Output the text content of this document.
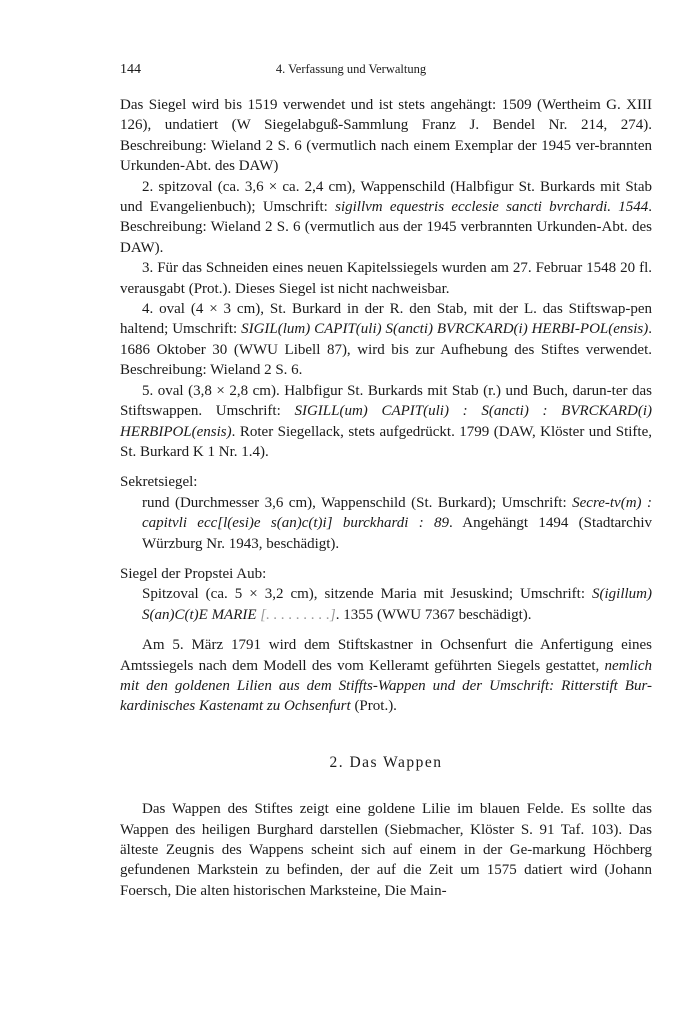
144	4. Verfassung und Verwaltung

Das Siegel wird bis 1519 verwendet und ist stets angehängt: 1509 (Wertheim G. XIII 126), undatiert (W Siegelabguß-Sammlung Franz J. Bendel Nr. 214, 274). Beschreibung: Wieland 2 S. 6 (vermutlich nach einem Exemplar der 1945 ver-brannten Urkunden-Abt. des DAW)

2. spitzoval (ca. 3,6 × ca. 2,4 cm), Wappenschild (Halbfigur St. Burkards mit Stab und Evangelienbuch); Umschrift: sigillvm equestris ecclesie sancti bvrchardi. 1544. Beschreibung: Wieland 2 S. 6 (vermutlich aus der 1945 verbrannten Urkunden-Abt. des DAW).

3. Für das Schneiden eines neuen Kapitelssiegels wurden am 27. Februar 1548 20 fl. verausgabt (Prot.). Dieses Siegel ist nicht nachweisbar.

4. oval (4 × 3 cm), St. Burkard in der R. den Stab, mit der L. das Stiftswap-pen haltend; Umschrift: SIGIL(lum) CAPIT(uli) S(ancti) BVRCKARD(i) HERBI-POL(ensis). 1686 Oktober 30 (WWU Libell 87), wird bis zur Aufhebung des Stiftes verwendet. Beschreibung: Wieland 2 S. 6.

5. oval (3,8 × 2,8 cm). Halbfigur St. Burkards mit Stab (r.) und Buch, darun-ter das Stiftswappen. Umschrift: SIGILL(um) CAPIT(uli) : S(ancti) : BVRCKARD(i) HERBIPOL(ensis). Roter Siegellack, stets aufgedrückt. 1799 (DAW, Klöster und Stifte, St. Burkard K 1 Nr. 1.4).

Sekretsiegel:

rund (Durchmesser 3,6 cm), Wappenschild (St. Burkard); Umschrift: Secre-tv(m) : capitvli ecc[l(esi)e s(an)c(t)i] burckhardi : 89. Angehängt 1494 (Stadtarchiv Würzburg Nr. 1943, beschädigt).

Siegel der Propstei Aub:

Spitzoval (ca. 5 × 3,2 cm), sitzende Maria mit Jesuskind; Umschrift: S(igillum) S(an)C(t)E MARIE [. . . . . . . . .]. 1355 (WWU 7367 beschädigt).

Am 5. März 1791 wird dem Stiftskastner in Ochsenfurt die Anfertigung eines Amtssiegels nach dem Modell des vom Kelleramt geführten Siegels gestattet, nemlich mit den goldenen Lilien aus dem Stiffts-Wappen und der Umschrift: Ritterstift Bur-kardinisches Kastenamt zu Ochsenfurt (Prot.).

2. Das Wappen

Das Wappen des Stiftes zeigt eine goldene Lilie im blauen Felde. Es sollte das Wappen des heiligen Burghard darstellen (Siebmacher, Klöster S. 91 Taf. 103). Das älteste Zeugnis des Wappens scheint sich auf einem in der Ge-markung Höchberg gefundenen Markstein zu befinden, der auf die Zeit um 1575 datiert wird (Johann Foersch, Die alten historischen Marksteine, Die Main-
